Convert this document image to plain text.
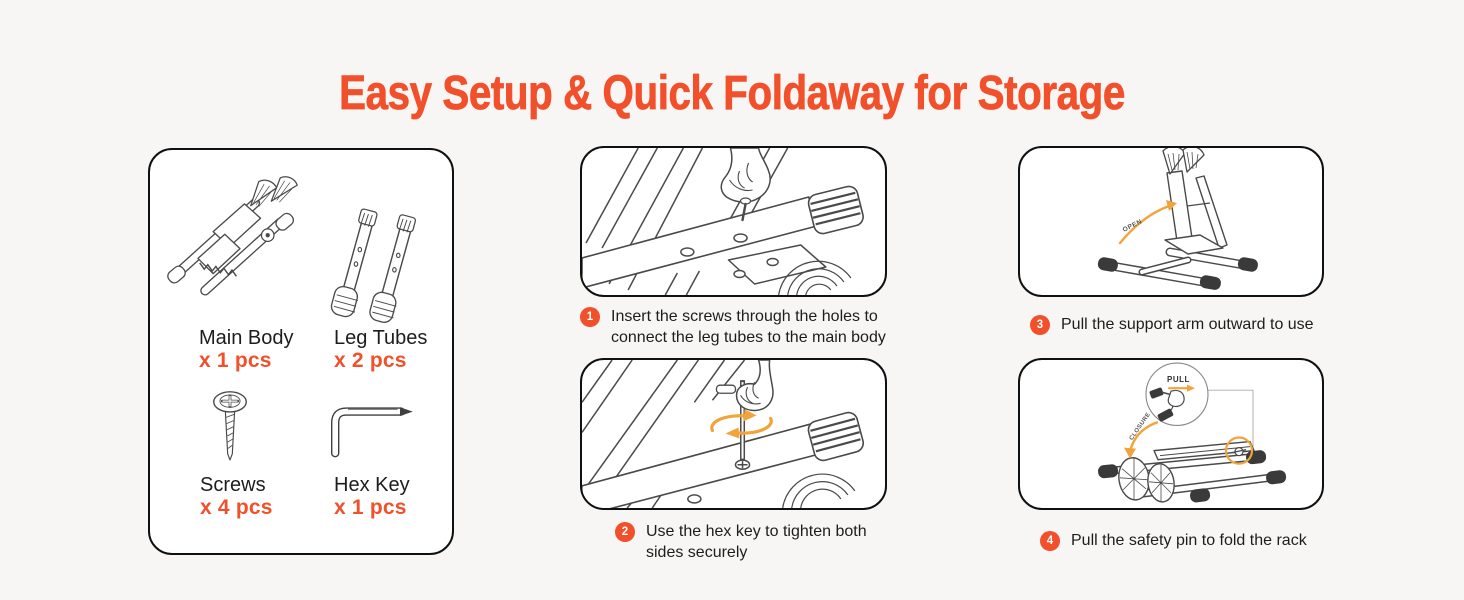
Easy Setup & Quick Foldaway for Storage
Main Body
x 1 pcs
Leg Tubes
x 2 pcs
Screws
x 4 pcs
Hex Key
x 1 pcs
1	Insert the screws through the holes to connect the leg tubes to the main body
2	Use the hex key to tighten both sides securely
OPEN
3	Pull the support arm outward to use
PULL
CLOSURE
4	Pull the safety pin to fold the rack
